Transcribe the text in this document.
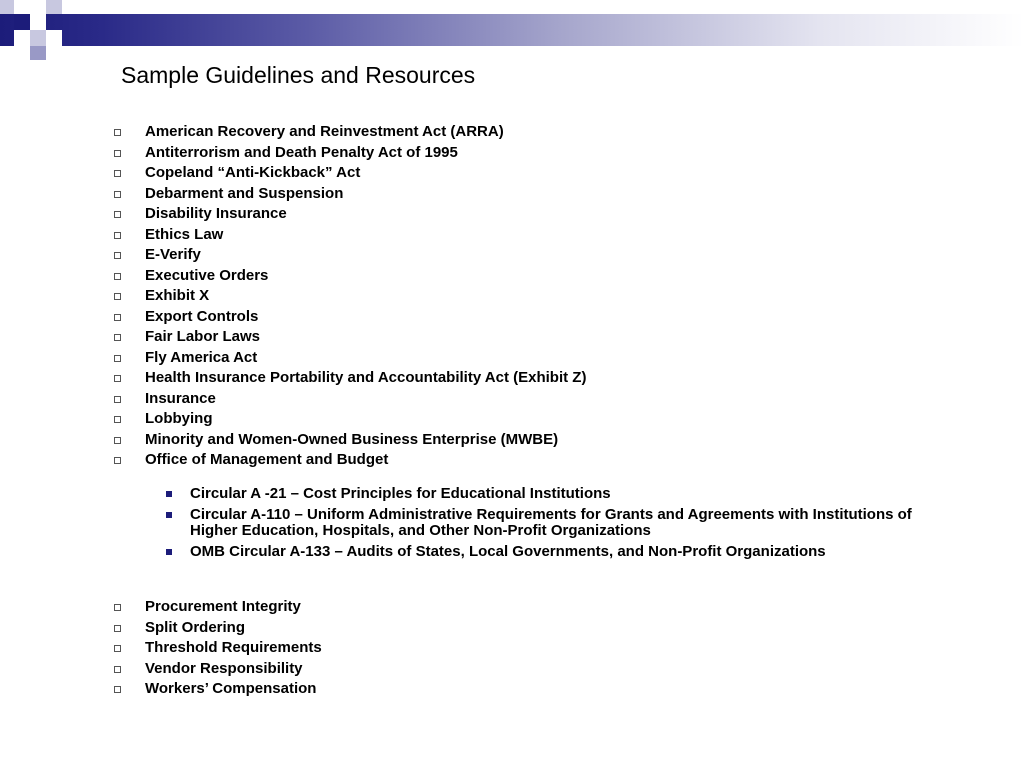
Sample Guidelines and Resources
American Recovery and Reinvestment Act (ARRA)
Antiterrorism and Death Penalty Act of 1995
Copeland “Anti-Kickback” Act
Debarment and Suspension
Disability Insurance
Ethics Law
E-Verify
Executive Orders
Exhibit X
Export Controls
Fair Labor Laws
Fly America Act
Health Insurance Portability and Accountability Act (Exhibit Z)
Insurance
Lobbying
Minority and Women-Owned Business Enterprise (MWBE)
Office of Management and Budget
Circular A -21 – Cost Principles for Educational Institutions
Circular A-110 – Uniform Administrative Requirements for Grants and Agreements with Institutions of Higher Education, Hospitals, and Other Non-Profit Organizations
OMB Circular A-133 – Audits of States, Local Governments, and Non-Profit Organizations
Procurement Integrity
Split Ordering
Threshold Requirements
Vendor Responsibility
Workers’ Compensation
